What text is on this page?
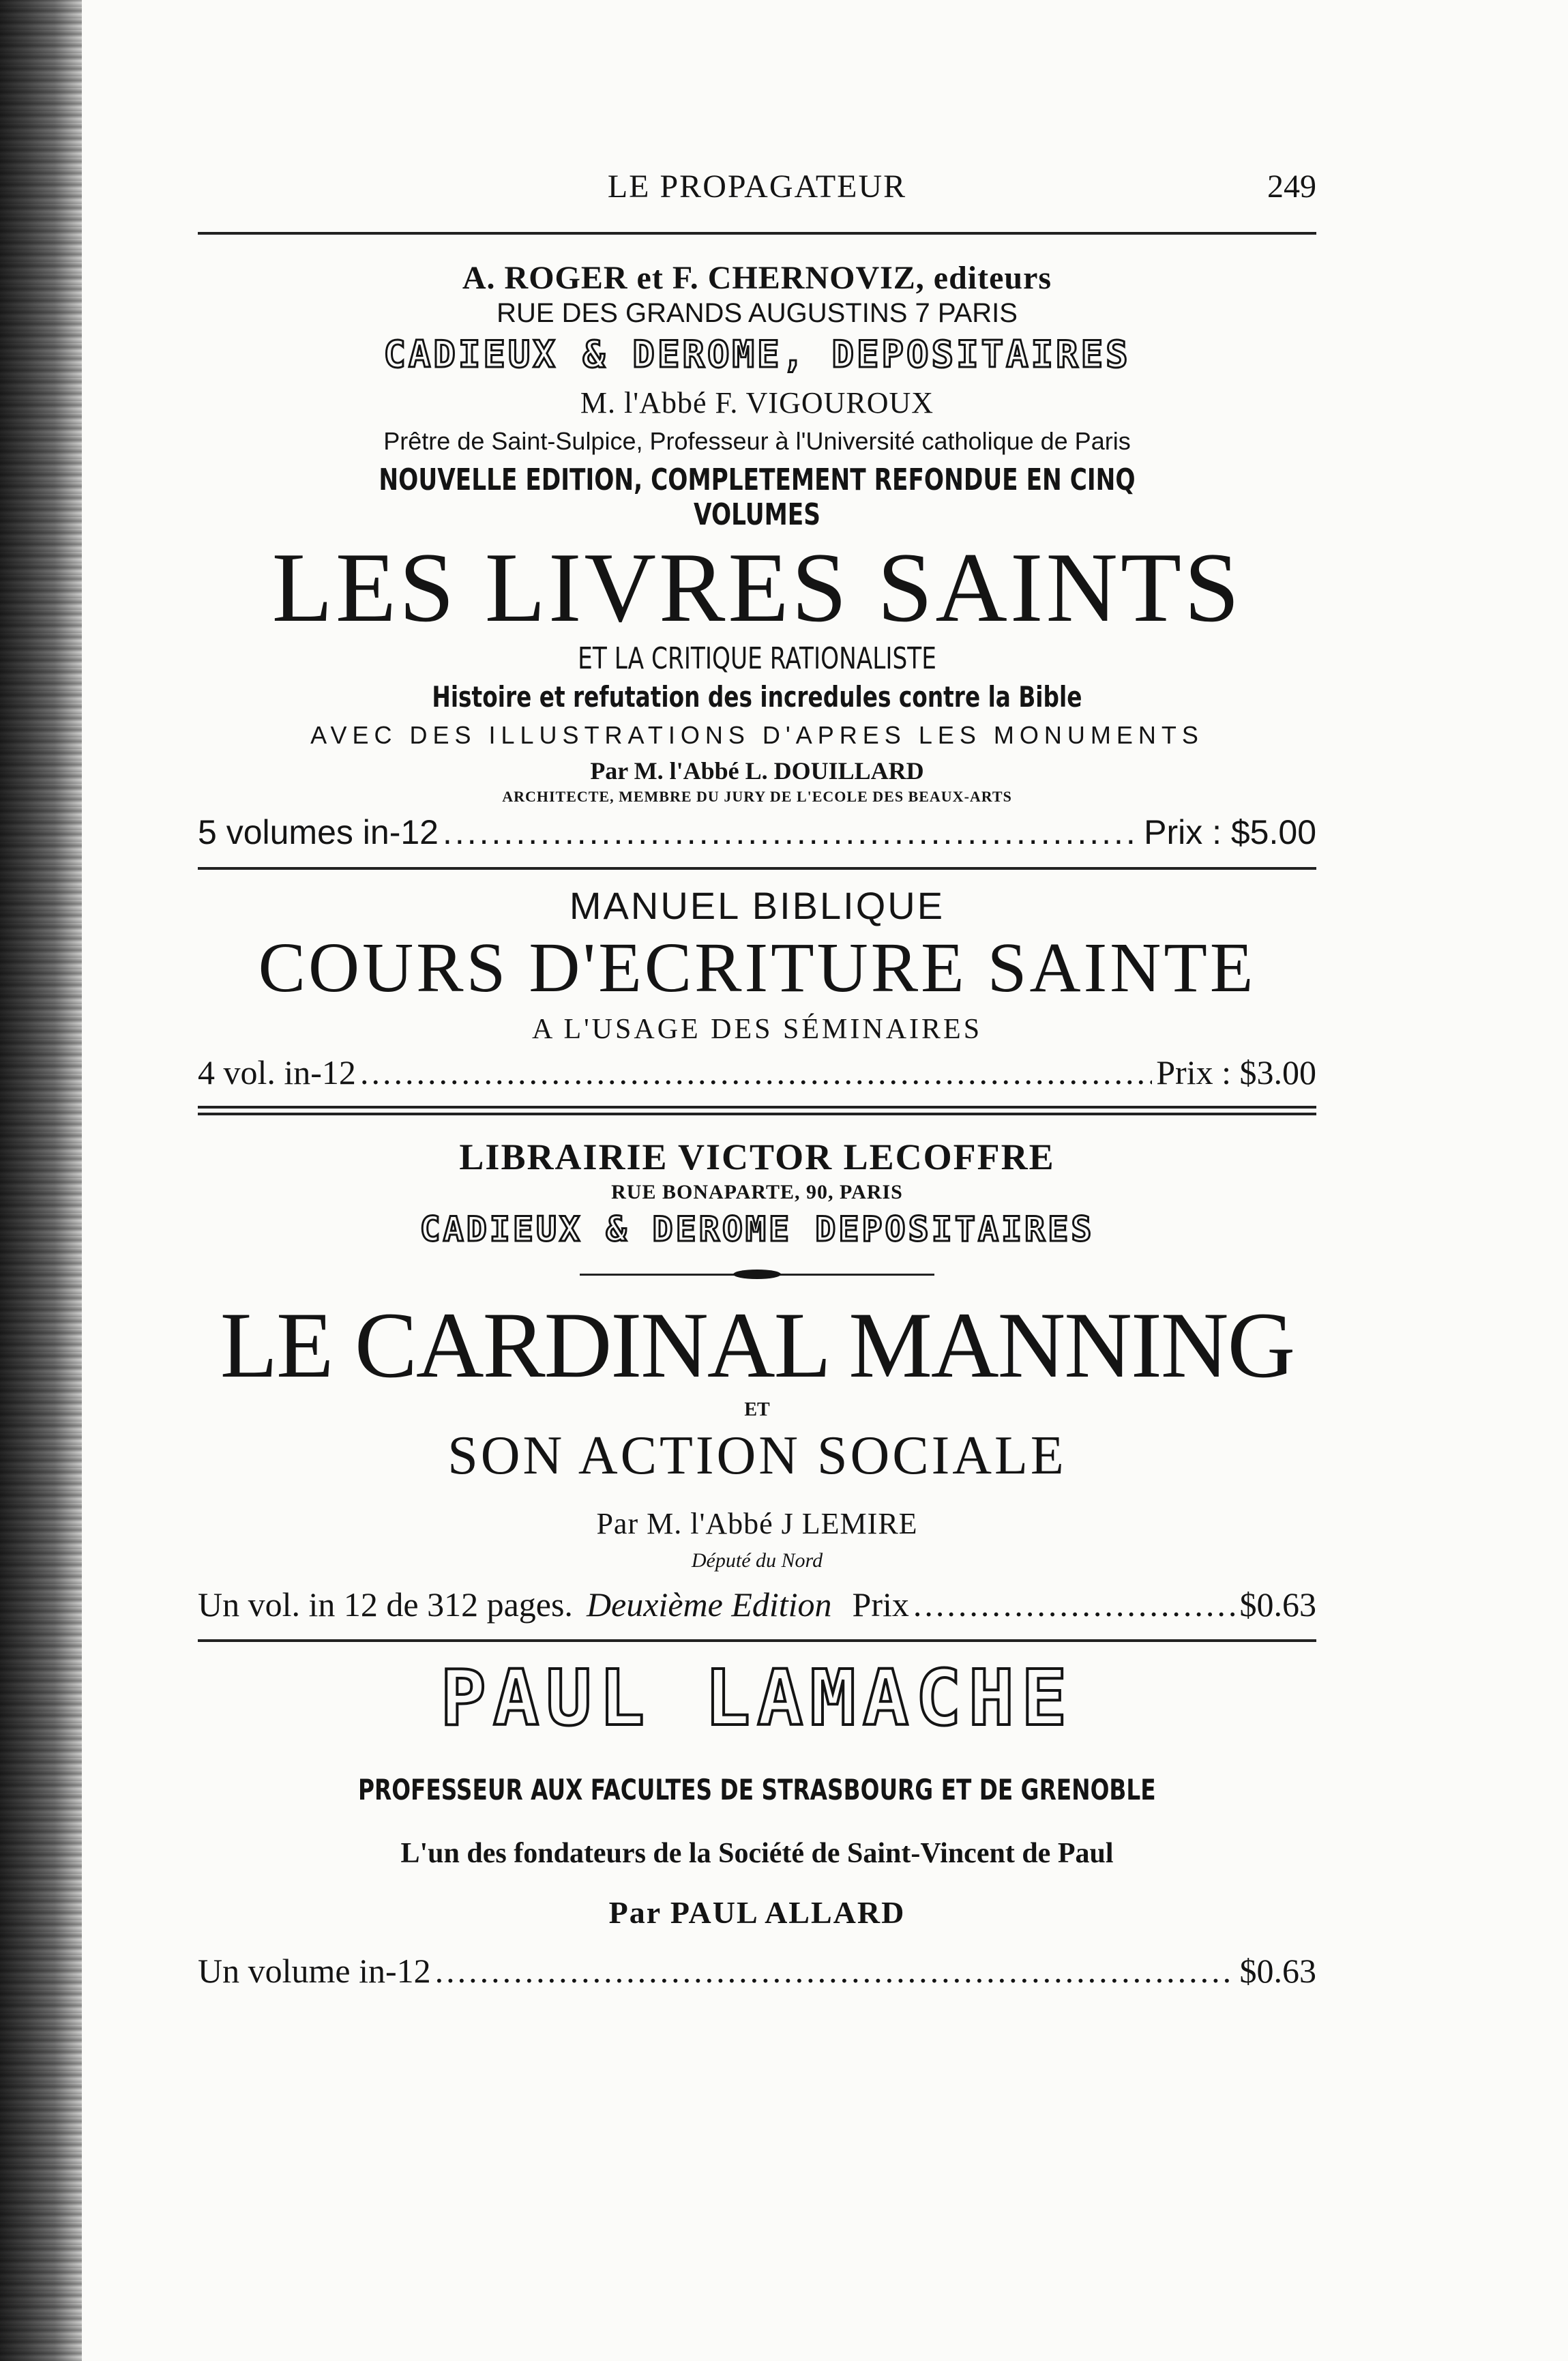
LE PROPAGATEUR	249
A. ROGER et F. CHERNOVIZ, editeurs
RUE DES GRANDS AUGUSTINS 7 PARIS
CADIEUX & DEROME, DEPOSITAIRES
M. l'Abbé F. VIGOUROUX
Prêtre de Saint-Sulpice, Professeur à l'Université catholique de Paris
NOUVELLE EDITION, COMPLETEMENT REFONDUE EN CINQ VOLUMES
LES LIVRES SAINTS
ET LA CRITIQUE RATIONALISTE
Histoire et refutation des incredules contre la Bible
AVEC DES ILLUSTRATIONS D'APRES LES MONUMENTS
Par M. l'Abbé L. DOUILLARD
ARCHITECTE, MEMBRE DU JURY DE L'ECOLE DES BEAUX-ARTS
5 volumes in-12 .....	Prix : $5.00
MANUEL BIBLIQUE
COURS D'ECRITURE SAINTE
A L'USAGE DES SÉMINAIRES
4 vol. in-12 .....	Prix : $3.00
LIBRAIRIE VICTOR LECOFFRE
RUE BONAPARTE, 90, PARIS
CADIEUX & DEROME DEPOSITAIRES
LE CARDINAL MANNING
ET
SON ACTION SOCIALE
Par M. l'Abbé J LEMIRE
Député du Nord
Un vol. in 12 de 312 pages. Deuxième Edition Prix .....	$0.63
PAUL LAMACHE
PROFESSEUR AUX FACULTES DE STRASBOURG ET DE GRENOBLE
L'un des fondateurs de la Société de Saint-Vincent de Paul
Par PAUL ALLARD
Un volume in-12 .....	$0.63
